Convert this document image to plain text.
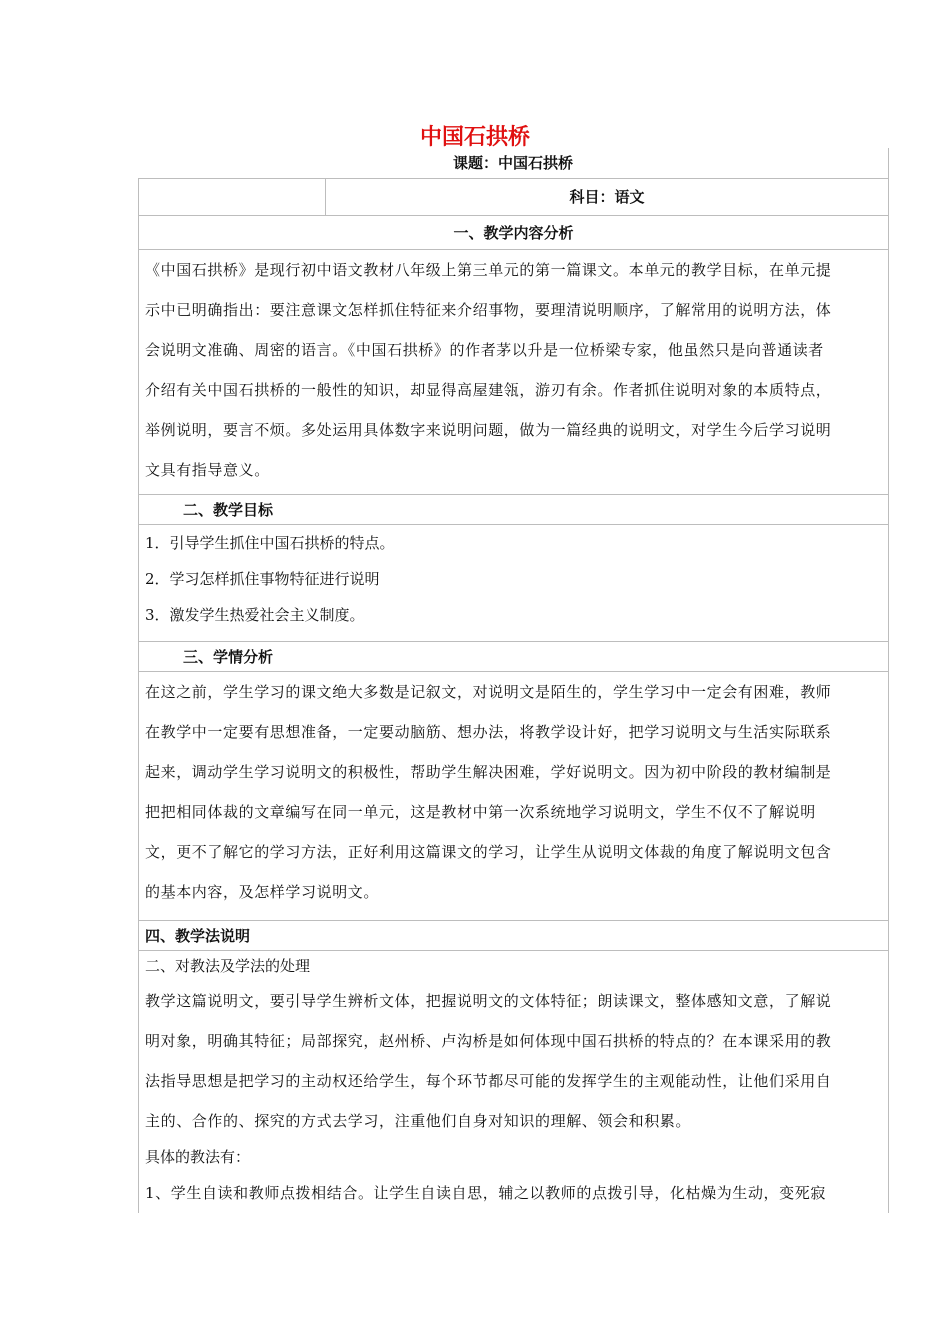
中国石拱桥
课题：中国石拱桥
科目：语文
一、教学内容分析
《中国石拱桥》是现行初中语文教材八年级上第三单元的第一篇课文。本单元的教学目标，在单元提
示中已明确指出：要注意课文怎样抓住特征来介绍事物，要理清说明顺序，了解常用的说明方法，体
会说明文准确、周密的语言。《中国石拱桥》的作者茅以升是一位桥梁专家，他虽然只是向普通读者
介绍有关中国石拱桥的一般性的知识，却显得高屋建瓴，游刃有余。作者抓住说明对象的本质特点，
举例说明，要言不烦。多处运用具体数字来说明问题，做为一篇经典的说明文，对学生今后学习说明
文具有指导意义。
二、教学目标
1．引导学生抓住中国石拱桥的特点。
2．学习怎样抓住事物特征进行说明
3．激发学生热爱社会主义制度。
三、学情分析
在这之前，学生学习的课文绝大多数是记叙文，对说明文是陌生的，学生学习中一定会有困难，教师
在教学中一定要有思想准备，一定要动脑筋、想办法，将教学设计好，把学习说明文与生活实际联系
起来，调动学生学习说明文的积极性，帮助学生解决困难，学好说明文。因为初中阶段的教材编制是
把把相同体裁的文章编写在同一单元，这是教材中第一次系统地学习说明文，学生不仅不了解说明
文，更不了解它的学习方法，正好利用这篇课文的学习，让学生从说明文体裁的角度了解说明文包含
的基本内容，及怎样学习说明文。
四、教学法说明
二、对教法及学法的处理
教学这篇说明文，要引导学生辨析文体，把握说明文的文体特征；朗读课文，整体感知文意，了解说
明对象，明确其特征；局部探究，赵州桥、卢沟桥是如何体现中国石拱桥的特点的？在本课采用的教
法指导思想是把学习的主动权还给学生，每个环节都尽可能的发挥学生的主观能动性，让他们采用自
主的、合作的、探究的方式去学习，注重他们自身对知识的理解、领会和积累。
具体的教法有：
1、学生自读和教师点拨相结合。让学生自读自思，辅之以教师的点拨引导，化枯燥为生动，变死寂
